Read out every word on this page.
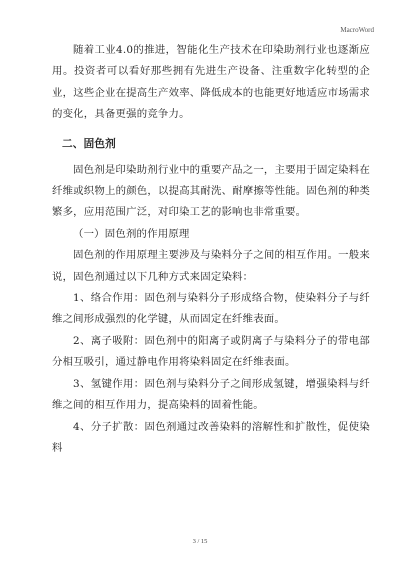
MacroWord

随着工业4.0的推进，智能化生产技术在印染助剂行业也逐渐应用。投资者可以看好那些拥有先进生产设备、注重数字化转型的企业，这些企业在提高生产效率、降低成本的也能更好地适应市场需求的变化，具备更强的竞争力。

二、固色剂

固色剂是印染助剂行业中的重要产品之一，主要用于固定染料在纤维或织物上的颜色，以提高其耐洗、耐摩擦等性能。固色剂的种类繁多，应用范围广泛，对印染工艺的影响也非常重要。

（一）固色剂的作用原理

固色剂的作用原理主要涉及与染料分子之间的相互作用。一般来说，固色剂通过以下几种方式来固定染料：

1、络合作用：固色剂与染料分子形成络合物，使染料分子与纤维之间形成强烈的化学键，从而固定在纤维表面。

2、离子吸附：固色剂中的阳离子或阴离子与染料分子的带电部分相互吸引，通过静电作用将染料固定在纤维表面。

3、氢键作用：固色剂与染料分子之间形成氢键，增强染料与纤维之间的相互作用力，提高染料的固着性能。

4、分子扩散：固色剂通过改善染料的溶解性和扩散性，促使染料

3 / 15
